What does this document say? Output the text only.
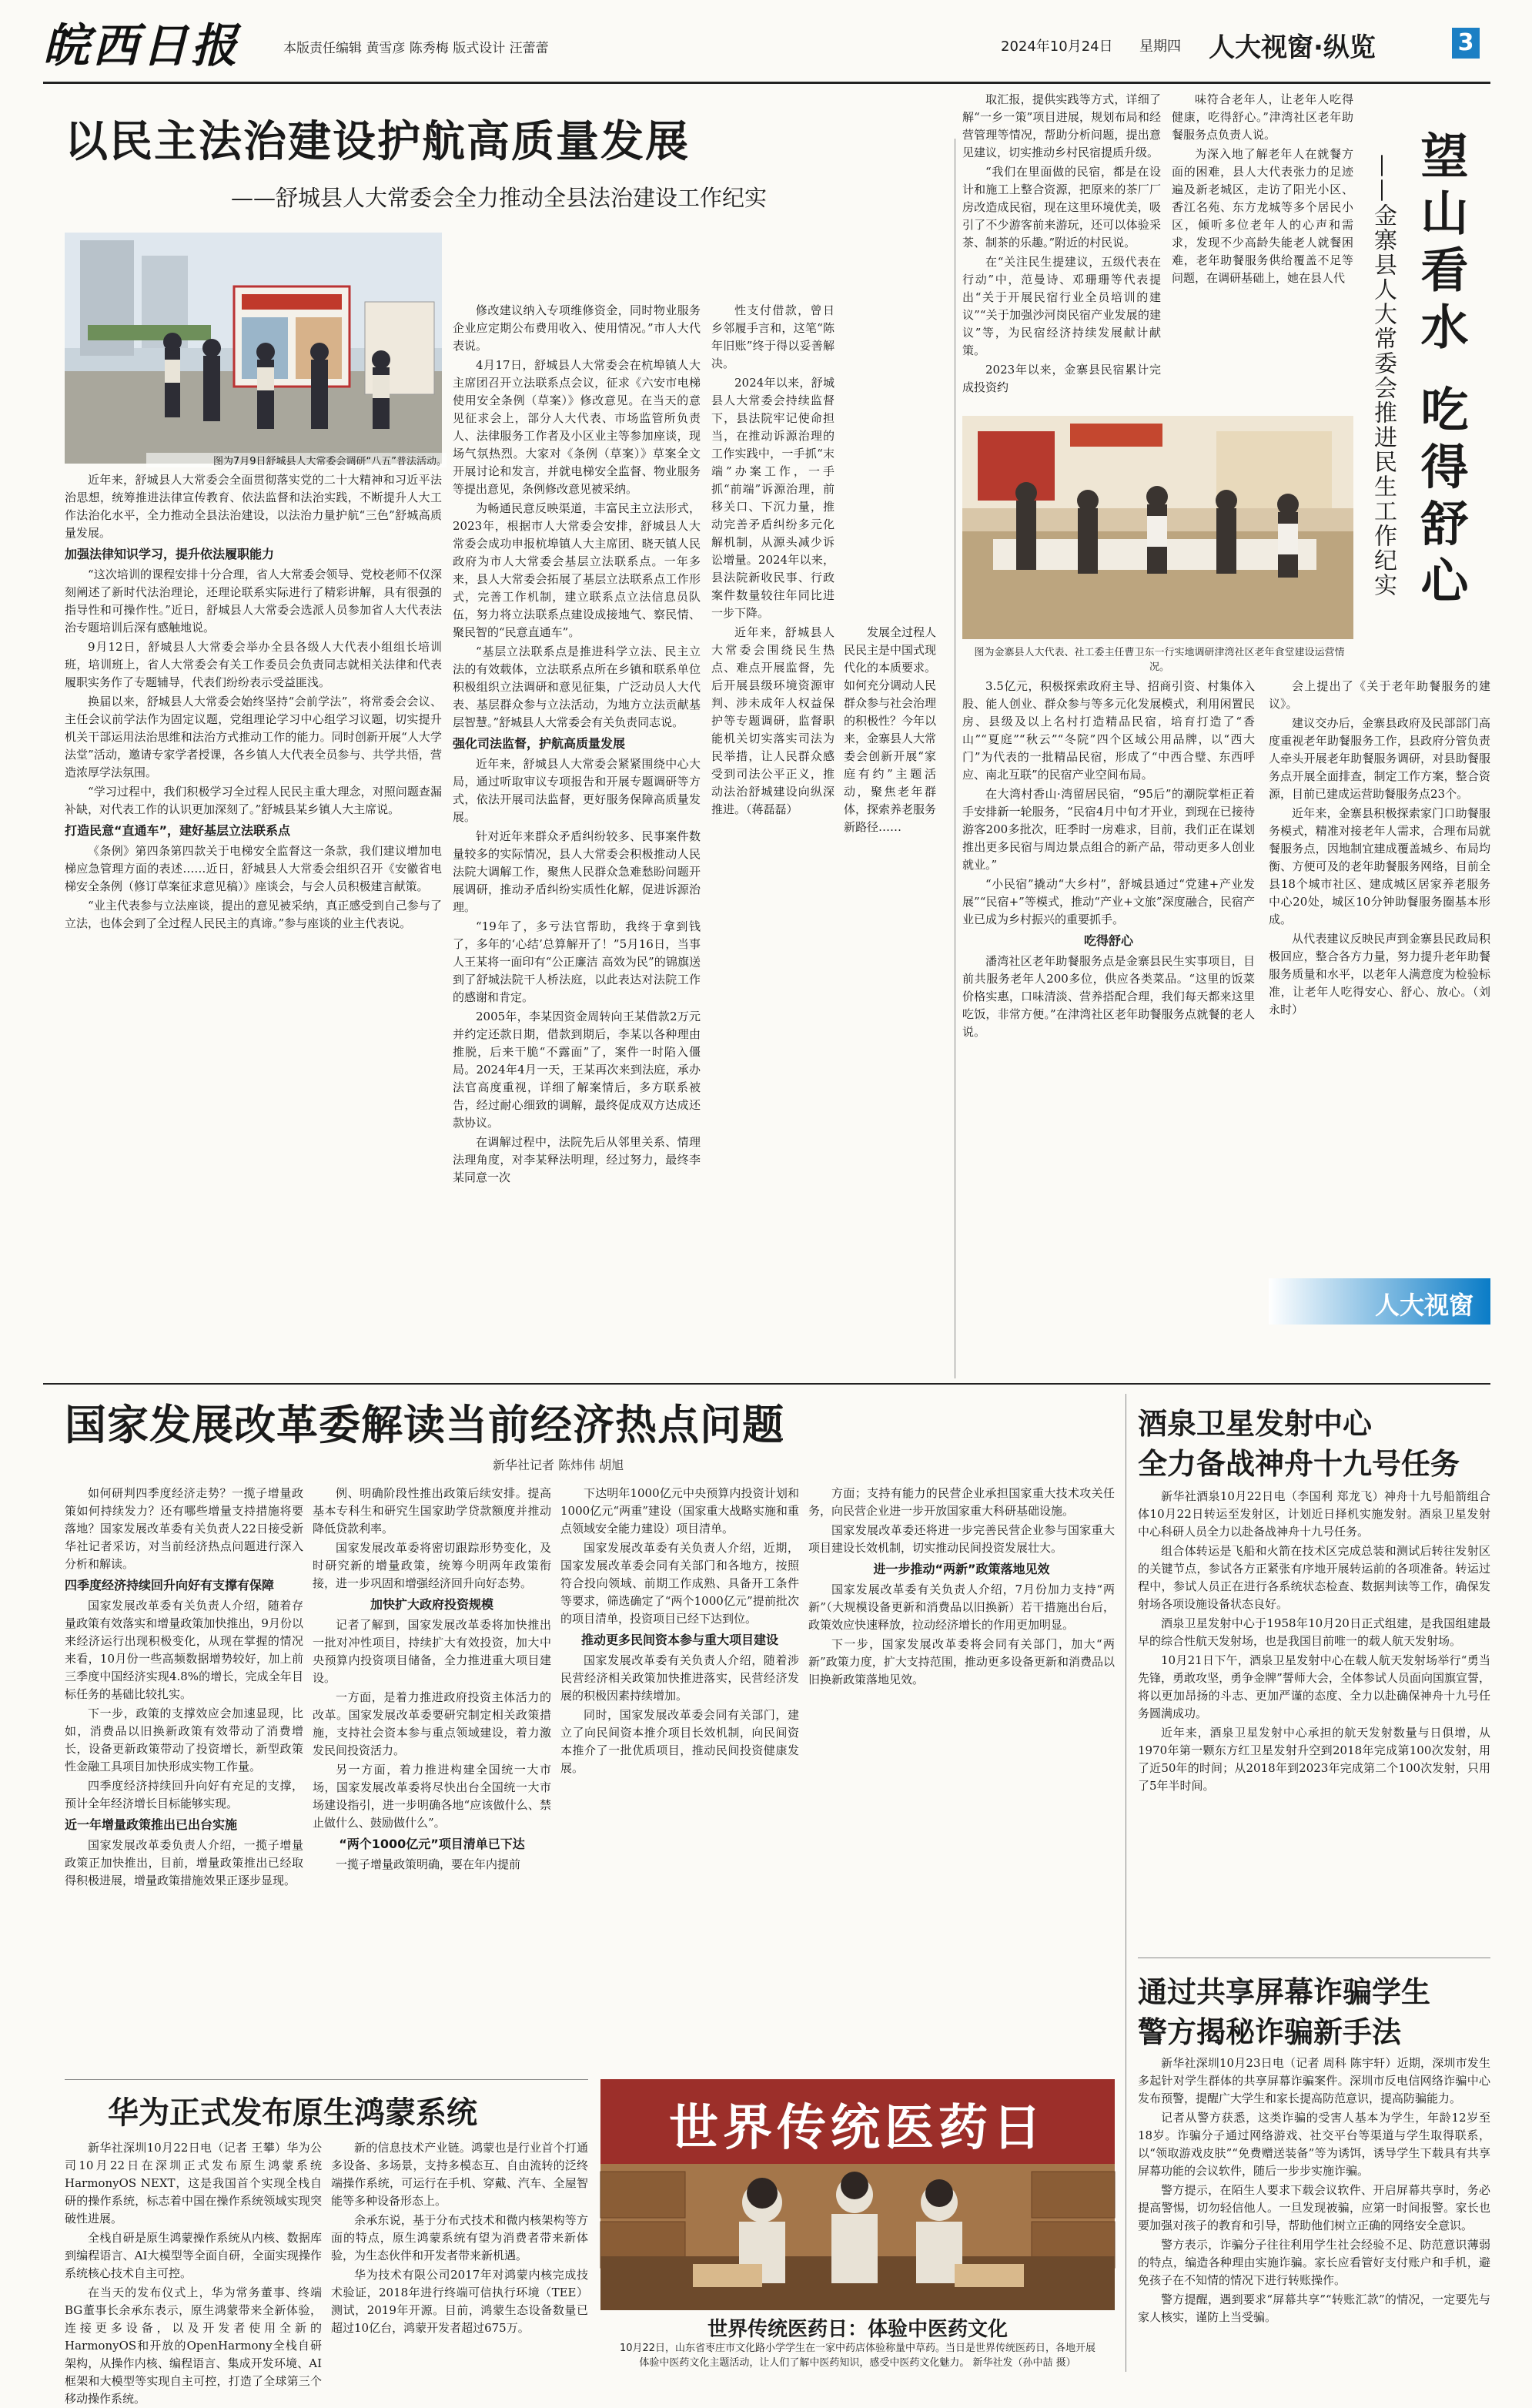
皖西日报	本版责任编辑 黄雪彦 陈秀梅 版式设计 汪蕾蕾	2024年10月24日 星期四 人大视窗·纵览	3
以民主法治建设护航高质量发展
——舒城县人大常委会全力推动全县法治建设工作纪实
图为7月9日舒城县人大常委会调研“八五”普法活动。

近年来，舒城县人大常委会全面贯彻落实党的二十大精神和习近平法治思想，统筹推进法律宣传教育、依法监督和法治实践，不断提升人大工作法治化水平，全力推动全县法治建设，以法治力量护航“三色”舒城高质量发展。

加强法律知识学习，提升依法履职能力

“这次培训的课程安排十分合理，省人大常委会领导、党校老师不仅深刻阐述了新时代法治理论，还理论联系实际进行了精彩讲解，具有很强的指导性和可操作性。”近日，舒城县人大常委会选派人员参加省人大代表法治专题培训后深有感触地说。

9月12日，舒城县人大常委会举办全县各级人大代表小组组长培训班，培训班上，省人大常委会有关工作委员会负责同志就相关法律和代表履职实务作了专题辅导，代表们纷纷表示受益匪浅。

换届以来，舒城县人大常委会始终坚持“会前学法”，将常委会会议、主任会议前学法作为固定议题，党组理论学习中心组学习议题，切实提升机关干部运用法治思维和法治方式推动工作的能力。同时创新开展“人大学法堂”活动，邀请专家学者授课，各乡镇人大代表全员参与、共学共悟，营造浓厚学法氛围。

“学习过程中，我们积极学习全过程人民民主重大理念，对照问题查漏补缺，对代表工作的认识更加深刻了。”舒城县某乡镇人大主席说。

打造民意“直通车”，建好基层立法联系点

《条例》第四条第四款关于电梯安全监督这一条款，我们建议增加电梯应急管理方面的表述……近日，舒城县人大常委会组织召开《安徽省电梯安全条例（修订草案征求意见稿）》座谈会，与会人员积极建言献策。

“业主代表参与立法座谈，提出的意见被采纳，真正感受到自己参与了立法，也体会到了全过程人民民主的真谛。”参与座谈的业主代表说。

修改建议纳入专项维修资金，同时物业服务企业应定期公布费用收入、使用情况。”市人大代表说。

4月17日，舒城县人大常委会在杭埠镇人大主席团召开立法联系点会议，征求《六安市电梯使用安全条例（草案）》修改意见。在当天的意见征求会上，部分人大代表、市场监管所负责人、法律服务工作者及小区业主等参加座谈，现场气氛热烈。大家对《条例（草案）》草案全文开展讨论和发言，并就电梯安全监督、物业服务等提出意见，条例修改意见被采纳。

为畅通民意反映渠道，丰富民主立法形式，2023年，根据市人大常委会安排，舒城县人大常委会成功申报杭埠镇人大主席团、晓天镇人民政府为市人大常委会基层立法联系点。一年多来，县人大常委会拓展了基层立法联系点工作形式，完善工作机制，建立联系点立法信息员队伍，努力将立法联系点建设成接地气、察民情、聚民智的“民意直通车”。

“基层立法联系点是推进科学立法、民主立法的有效载体，立法联系点所在乡镇和联系单位积极组织立法调研和意见征集，广泛动员人大代表、基层群众参与立法活动，为地方立法贡献基层智慧。”舒城县人大常委会有关负责同志说。

强化司法监督，护航高质量发展

近年来，舒城县人大常委会紧紧围绕中心大局，通过听取审议专项报告和开展专题调研等方式，依法开展司法监督，更好服务保障高质量发展。

针对近年来群众矛盾纠纷较多、民事案件数量较多的实际情况，县人大常委会积极推动人民法院大调解工作，聚焦人民群众急难愁盼问题开展调研，推动矛盾纠纷实质性化解，促进诉源治理。

“19年了，多亏法官帮助，我终于拿到钱了，多年的‘心结’总算解开了！”5月16日，当事人王某将一面印有“公正廉洁 高效为民”的锦旗送到了舒城法院干人桥法庭，以此表达对法院工作的感谢和肯定。

2005年，李某因资金周转向王某借款2万元并约定还款日期，借款到期后，李某以各种理由推脱，后来干脆“不露面”了，案件一时陷入僵局。2024年4月一天，王某再次来到法庭，承办法官高度重视，详细了解案情后，多方联系被告，经过耐心细致的调解，最终促成双方达成还款协议。

在调解过程中，法院先后从邻里关系、情理法理角度，对李某释法明理，经过努力，最终李某同意一次

性支付借款，曾日乡邻履手言和，这笔“陈年旧账”终于得以妥善解决。

2024年以来，舒城县人大常委会持续监督下，县法院牢记使命担当，在推动诉源治理的工作实践中，一手抓“末端”办案工作，一手抓“前端”诉源治理，前移关口、下沉力量，推动完善矛盾纠纷多元化解机制，从源头减少诉讼增量。2024年以来，县法院新收民事、行政案件数量较往年同比进一步下降。

近年来，舒城县人大常委会围绕民生热点、难点开展监督，先后开展县级环境资源审判、涉未成年人权益保护等专题调研，监督职能机关切实落实司法为民举措，让人民群众感受到司法公平正义，推动法治舒城建设向纵深推进。（蒋磊磊）

发展全过程人民民主是中国式现代化的本质要求。如何充分调动人民群众参与社会治理的积极性？今年以来，金寨县人大常委会创新开展“家庭有约”主题活动，聚焦老年群体，探索养老服务新路径……

望山看水 吃得舒心
——金寨县人大常委会推进民生工作纪实

取汇报，提供实践等方式，详细了解“一乡一策”项目进展，规划布局和经营管理等情况，帮助分析问题，提出意见建议，切实推动乡村民宿提质升级。

“我们在里面做的民宿，都是在设计和施工上整合资源，把原来的茶厂厂房改造成民宿，现在这里环境优美，吸引了不少游客前来游玩，还可以体验采茶、制茶的乐趣。”附近的村民说。

在“关注民生提建议，五级代表在行动”中，范曼诗、邓珊珊等代表提出“关于开展民宿行业全员培训的建议”“关于加强沙河岗民宿产业发展的建议”等，为民宿经济持续发展献计献策。

2023年以来，金寨县民宿累计完成投资约

味符合老年人，让老年人吃得健康，吃得舒心。”津湾社区老年助餐服务点负责人说。

为深入地了解老年人在就餐方面的困难，县人大代表张力的足迹遍及新老城区，走访了阳光小区、香江名苑、东方龙城等多个居民小区，倾听多位老年人的心声和需求，发现不少高龄失能老人就餐困难，老年助餐服务供给覆盖不足等问题，在调研基础上，她在县人代

图为金寨县人大代表、社工委主任曹卫东一行实地调研津湾社区老年食堂建设运营情况。

3.5亿元，积极探索政府主导、招商引资、村集体入股、能人创业、群众参与等多元化发展模式，利用闲置民房、县级及以上名村打造精品民宿，培育打造了“香山”“夏庭”“秋云”“冬院”四个区域公用品牌，以“西大门”为代表的一批精品民宿，形成了“中西合璧、东西呼应、南北互联”的民宿产业空间布局。

在大湾村香山·湾留居民宿，“95后”的潮院掌柜正着手安排新一轮服务，“民宿4月中旬才开业，到现在已接待游客200多批次，旺季时一房难求，目前，我们正在谋划推出更多民宿与周边景点组合的新产品，带动更多人创业就业。”

“小民宿”撬动“大乡村”，舒城县通过“党建+产业发展”“民宿+”等模式，推动“产业+文旅”深度融合，民宿产业已成为乡村振兴的重要抓手。

吃得舒心

潘湾社区老年助餐服务点是金寨县民生实事项目，目前共服务老年人200多位，供应各类菜品。“这里的饭菜价格实惠，口味清淡、营养搭配合理，我们每天都来这里吃饭，非常方便。”在津湾社区老年助餐服务点就餐的老人说。

会上提出了《关于老年助餐服务的建议》。

建议交办后，金寨县政府及民部部门高度重视老年助餐服务工作，县政府分管负责人牵头开展老年助餐服务调研，对县助餐服务点开展全面排查，制定工作方案，整合资源，目前已建成运营助餐服务点23个。

近年来，金寨县积极探索家门口助餐服务模式，精准对接老年人需求，合理布局就餐服务点，因地制宜建成覆盖城乡、布局均衡、方便可及的老年助餐服务网络，目前全县18个城市社区、建成城区居家养老服务中心20处，城区10分钟助餐服务圈基本形成。

从代表建议反映民声到金寨县民政局积极回应，整合各方力量，努力提升老年助餐服务质量和水平，以老年人满意度为检验标准，让老年人吃得安心、舒心、放心。（刘永时）

人大视窗
国家发展改革委解读当前经济热点问题
新华社记者 陈炜伟 胡旭

如何研判四季度经济走势？一揽子增量政策如何持续发力？还有哪些增量支持措施将要落地？国家发展改革委有关负责人22日接受新华社记者采访，对当前经济热点问题进行深入分析和解读。

四季度经济持续回升向好有支撑有保障

国家发展改革委有关负责人介绍，随着存量政策有效落实和增量政策加快推出，9月份以来经济运行出现积极变化，从现在掌握的情况来看，10月份一些高频数据增势较好，加上前三季度中国经济实现4.8%的增长，完成全年目标任务的基础比较扎实。

下一步，政策的支撑效应会加速显现，比如，消费品以旧换新政策有效带动了消费增长，设备更新政策带动了投资增长，新型政策性金融工具项目加快形成实物工作量。

四季度经济持续回升向好有充足的支撑，预计全年经济增长目标能够实现。

近一年增量政策推出已出台实施

国家发展改革委负责人介绍，一揽子增量政策正加快推出，目前，增量政策推出已经取得积极进展，增量政策措施效果正逐步显现。

例、明确阶段性推出政策后续安排。提高基本专科生和研究生国家助学贷款额度并推动降低贷款利率。

国家发展改革委将密切跟踪形势变化，及时研究新的增量政策，统筹今明两年政策衔接，进一步巩固和增强经济回升向好态势。

加快扩大政府投资规模

记者了解到，国家发展改革委将加快推出一批对冲性项目，持续扩大有效投资，加大中央预算内投资项目储备，全力推进重大项目建设。

一方面，是着力推进政府投资主体活力的改革。国家发展改革委要研究制定相关政策措施，支持社会资本参与重点领域建设，着力激发民间投资活力。

另一方面，着力推进构建全国统一大市场，国家发展改革委将尽快出台全国统一大市场建设指引，进一步明确各地“应该做什么、禁止做什么、鼓励做什么”。

“两个1000亿元”项目清单已下达

一揽子增量政策明确，要在年内提前

下达明年1000亿元中央预算内投资计划和1000亿元“两重”建设（国家重大战略实施和重点领域安全能力建设）项目清单。

国家发展改革委有关负责人介绍，近期，国家发展改革委会同有关部门和各地方，按照符合投向领域、前期工作成熟、具备开工条件等要求，筛选确定了“两个1000亿元”提前批次的项目清单，投资项目已经下达到位。

推动更多民间资本参与重大项目建设

国家发展改革委有关负责人介绍，随着涉民营经济相关政策加快推进落实，民营经济发展的积极因素持续增加。

同时，国家发展改革委会同有关部门，建立了向民间资本推介项目长效机制，向民间资本推介了一批优质项目，推动民间投资健康发展。

方面；支持有能力的民营企业承担国家重大技术攻关任务，向民营企业进一步开放国家重大科研基础设施。

国家发展改革委还将进一步完善民营企业参与国家重大项目建设长效机制，切实推动民间投资发展壮大。

进一步推动“两新”政策落地见效

国家发展改革委有关负责人介绍，7月份加力支持“两新”（大规模设备更新和消费品以旧换新）若干措施出台后，政策效应快速释放，拉动经济增长的作用更加明显。

下一步，国家发展改革委将会同有关部门，加大“两新”政策力度，扩大支持范围，推动更多设备更新和消费品以旧换新政策落地见效。

酒泉卫星发射中心
全力备战神舟十九号任务

新华社酒泉10月22日电（李国利 郑龙飞）神舟十九号船箭组合体10月22日转运至发射区，计划近日择机实施发射。酒泉卫星发射中心科研人员全力以赴备战神舟十九号任务。

组合体转运是飞船和火箭在技术区完成总装和测试后转往发射区的关键节点，参试各方正紧张有序地开展转运前的各项准备。转运过程中，参试人员正在进行各系统状态检查、数据判读等工作，确保发射场各项设施设备状态良好。

酒泉卫星发射中心于1958年10月20日正式组建，是我国组建最早的综合性航天发射场，也是我国目前唯一的载人航天发射场。

10月21日下午，酒泉卫星发射中心在载人航天发射场举行“勇当先锋，勇敢攻坚，勇争金牌”誓师大会，全体参试人员面向国旗宣誓，将以更加昂扬的斗志、更加严谨的态度、全力以赴确保神舟十九号任务圆满成功。

近年来，酒泉卫星发射中心承担的航天发射数量与日俱增，从1970年第一颗东方红卫星发射升空到2018年完成第100次发射，用了近50年的时间；从2018年到2023年完成第二个100次发射，只用了5年半时间。

通过共享屏幕诈骗学生
警方揭秘诈骗新手法

新华社深圳10月23日电（记者 周科 陈宇轩）近期，深圳市发生多起针对学生群体的共享屏幕诈骗案件。深圳市反电信网络诈骗中心发布预警，提醒广大学生和家长提高防范意识，提高防骗能力。

记者从警方获悉，这类诈骗的受害人基本为学生，年龄12岁至18岁。诈骗分子通过网络游戏、社交平台等渠道与学生取得联系，以“领取游戏皮肤”“免费赠送装备”等为诱饵，诱导学生下载具有共享屏幕功能的会议软件，随后一步步实施诈骗。

警方提示，在陌生人要求下载会议软件、开启屏幕共享时，务必提高警惕，切勿轻信他人。一旦发现被骗，应第一时间报警。家长也要加强对孩子的教育和引导，帮助他们树立正确的网络安全意识。

警方表示，诈骗分子往往利用学生社会经验不足、防范意识薄弱的特点，编造各种理由实施诈骗。家长应看管好支付账户和手机，避免孩子在不知情的情况下进行转账操作。

警方提醒，遇到要求“屏幕共享”“转账汇款”的情况，一定要先与家人核实，谨防上当受骗。

华为正式发布原生鸿蒙系统

新华社深圳10月22日电（记者 王攀）华为公司10月22日在深圳正式发布原生鸿蒙系统HarmonyOS NEXT，这是我国首个实现全栈自研的操作系统，标志着中国在操作系统领域实现突破性进展。

全栈自研是原生鸿蒙操作系统从内核、数据库到编程语言、AI大模型等全面自研，全面实现操作系统核心技术自主可控。

在当天的发布仪式上，华为常务董事、终端BG董事长余承东表示，原生鸿蒙带来全新体验，连接更多设备，以及开发者使用全新的HarmonyOS和开放的OpenHarmony全栈自研架构，从操作内核、编程语言、集成开发环境、AI框架和大模型等实现自主可控，打造了全球第三个移动操作系统。

新的信息技术产业链。鸿蒙也是行业首个打通多设备、多场景，支持多模态互、自由流转的泛终端操作系统，可运行在手机、穿戴、汽车、全屋智能等多种设备形态上。

余承东说，基于分布式技术和微内核架构等方面的特点，原生鸿蒙系统有望为消费者带来新体验，为生态伙伴和开发者带来新机遇。

华为技术有限公司2017年对鸿蒙内核完成技术验证，2018年进行终端可信执行环境（TEE）测试，2019年开源。目前，鸿蒙生态设备数量已超过10亿台，鸿蒙开发者超过675万。

世界传统医药日
世界传统医药日：体验中医药文化
10月22日，山东省枣庄市文化路小学学生在一家中药店体验称量中草药。当日是世界传统医药日，各地开展体验中医药文化主题活动，让人们了解中医药知识，感受中医药文化魅力。 新华社发（孙中喆 摄）
